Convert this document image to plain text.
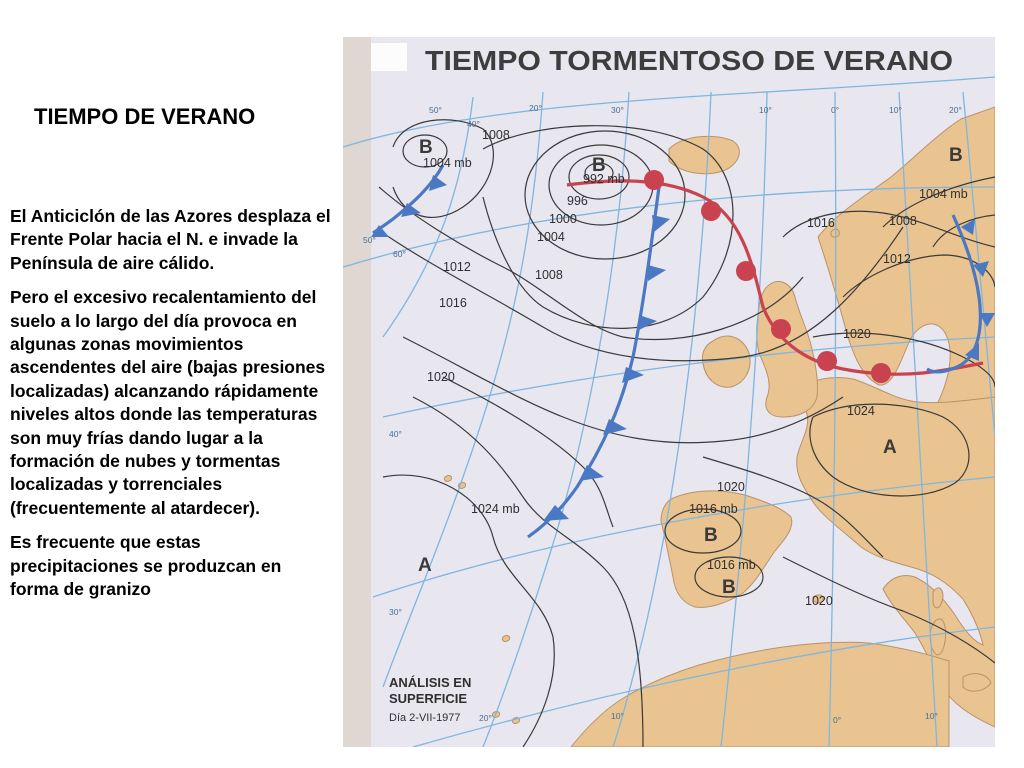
TIEMPO DE VERANO

El Anticiclón de las Azores desplaza el Frente Polar hacia el N. e invade la Península de aire cálido.

Pero el excesivo recalentamiento del suelo a lo largo del día provoca en algunas zonas movimientos ascendentes del aire (bajas presiones localizadas) alcanzando rápidamente niveles altos donde las temperaturas son muy frías dando lugar a la formación de nubes y tormentas localizadas y torrenciales (frecuentemente al atardecer).

Es frecuente que estas precipitaciones se produzcan en forma de granizo

TIEMPO TORMENTOSO DE VERANO
B
B	B
A
B
B
A
1008
1004 mb
992 mb
996
1000
1004
1008
1012
1016
1020
1004 mb
1008
1016
1012
1020
1024
1020
1016 mb
1016 mb
1024 mb
1020
50°
40°
30°
20°	10°	0°	10°	20°
60°
50°
40°
30°
10°
20°	0°	10°
ANÁLISIS EN
SUPERFICIE
Día 2-VII-1977
